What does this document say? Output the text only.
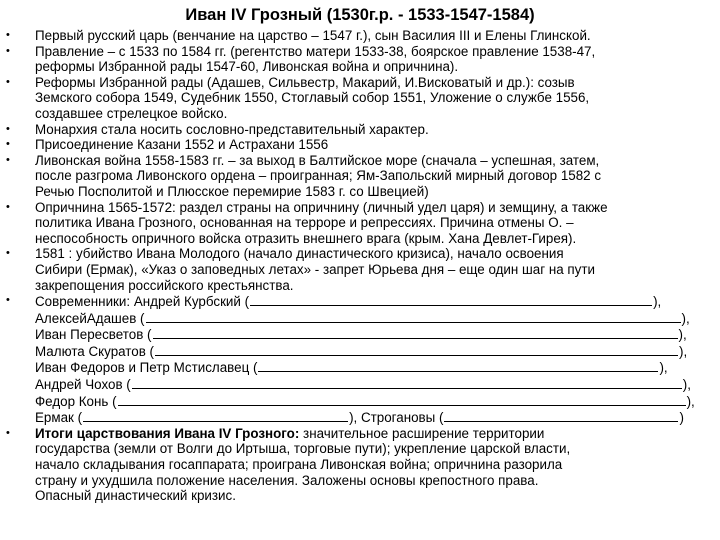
Иван IV Грозный (1530г.р. - 1533-1547-1584)
• Первый русский царь (венчание на царство – 1547 г.), сын Василия III и Елены Глинской.
• Правление – с 1533 по 1584 гг. (регентство матери 1533-38, боярское правление 1538-47,
реформы Избранной рады 1547-60, Ливонская война и опричнина).
• Реформы Избранной рады (Адашев, Сильвестр, Макарий, И.Висковатый и др.): созыв
Земского собора 1549, Судебник 1550, Стоглавый собор 1551, Уложение о службе 1556,
создавшее стрелецкое войско.
• Монархия стала носить сословно-представительный характер.
• Присоединение Казани 1552 и Астрахани 1556
• Ливонская война 1558-1583 гг. – за выход в Балтийское море (сначала – успешная, затем,
после разгрома Ливонского ордена – проигранная; Ям-Запольский мирный договор 1582 с
Речью Посполитой и Плюсское перемирие 1583 г. со Швецией)
• Опричнина 1565-1572: раздел страны на опричнину (личный удел царя) и земщину, а также
политика Ивана Грозного, основанная на терроре и репрессиях. Причина отмены О. –
неспособность опричного войска отразить внешнего врага (крым. Хана Девлет-Гирея).
• 1581 : убийство Ивана Молодого (начало династического кризиса), начало освоения
Сибири (Ермак), «Указ о заповедных летах» - запрет Юрьева дня – еще один шаг на пути
закрепощения российского крестьянства.
• Современники: Андрей Курбский (	),
АлексейАдашев (	),
Иван Пересветов (	),
Малюта Скуратов (	),
Иван Федоров и Петр Мстиславец (	),
Андрей Чохов (	),
Федор Конь (	),
Ермак (	), Строгановы (	)
• Итоги царствования Ивана IV Грозного: значительное расширение территории
государства (земли от Волги до Иртыша, торговые пути); укрепление царской власти,
начало складывания госаппарата; проиграна Ливонская война; опричнина разорила
страну и ухудшила положение населения. Заложены основы крепостного права.
Опасный династический кризис.
